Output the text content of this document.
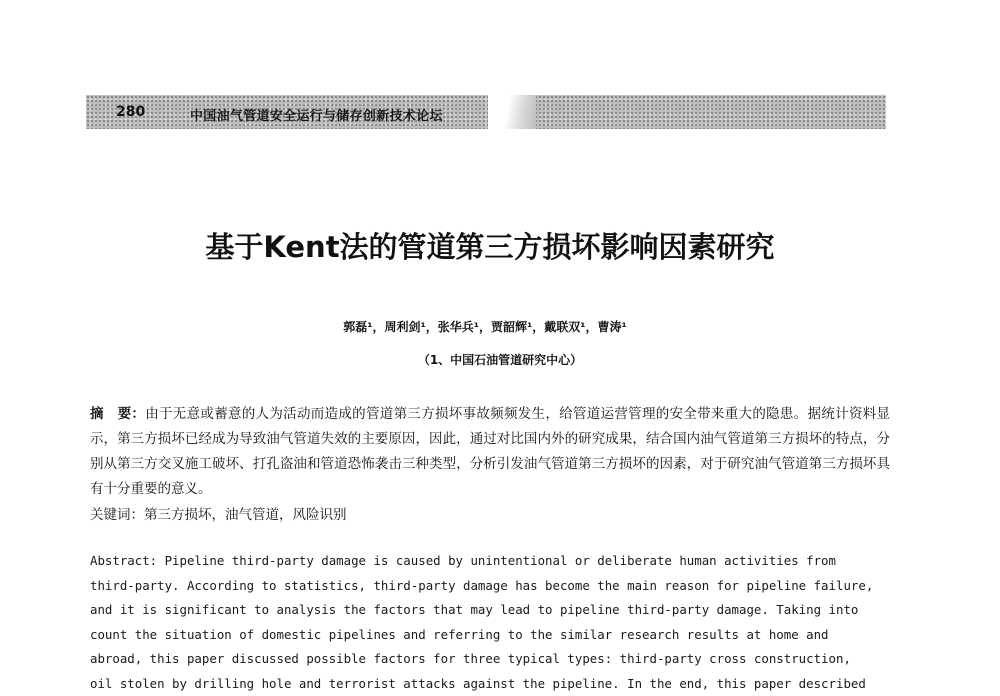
280	中国油气管道安全运行与储存创新技术论坛
基于Kent法的管道第三方损坏影响因素研究
郭磊¹，周利剑¹，张华兵¹，贾韶辉¹，戴联双¹，曹涛¹
（1、中国石油管道研究中心）
摘　要：由于无意或蓄意的人为活动而造成的管道第三方损坏事故频频发生，给管道运营管理的安全带来重大的隐患。据统计资料显示，第三方损坏已经成为导致油气管道失效的主要原因，因此，通过对比国内外的研究成果，结合国内油气管道第三方损坏的特点，分别从第三方交叉施工破坏、打孔盗油和管道恐怖袭击三种类型，分析引发油气管道第三方损坏的因素，对于研究油气管道第三方损坏具有十分重要的意义。
关键词：第三方损坏，油气管道，风险识别
Abstract: Pipeline third-party damage is caused by unintentional or deliberate human activities from
third-party. According to statistics, third-party damage has become the main reason for pipeline failure,
and it is significant to analysis the factors that may lead to pipeline third-party damage. Taking into
count the situation of domestic pipelines and referring to the similar research results at home and
abroad, this paper discussed possible factors for three typical types: third-party cross construction,
oil stolen by drilling hole and terrorist attacks against the pipeline. In the end, this paper described
